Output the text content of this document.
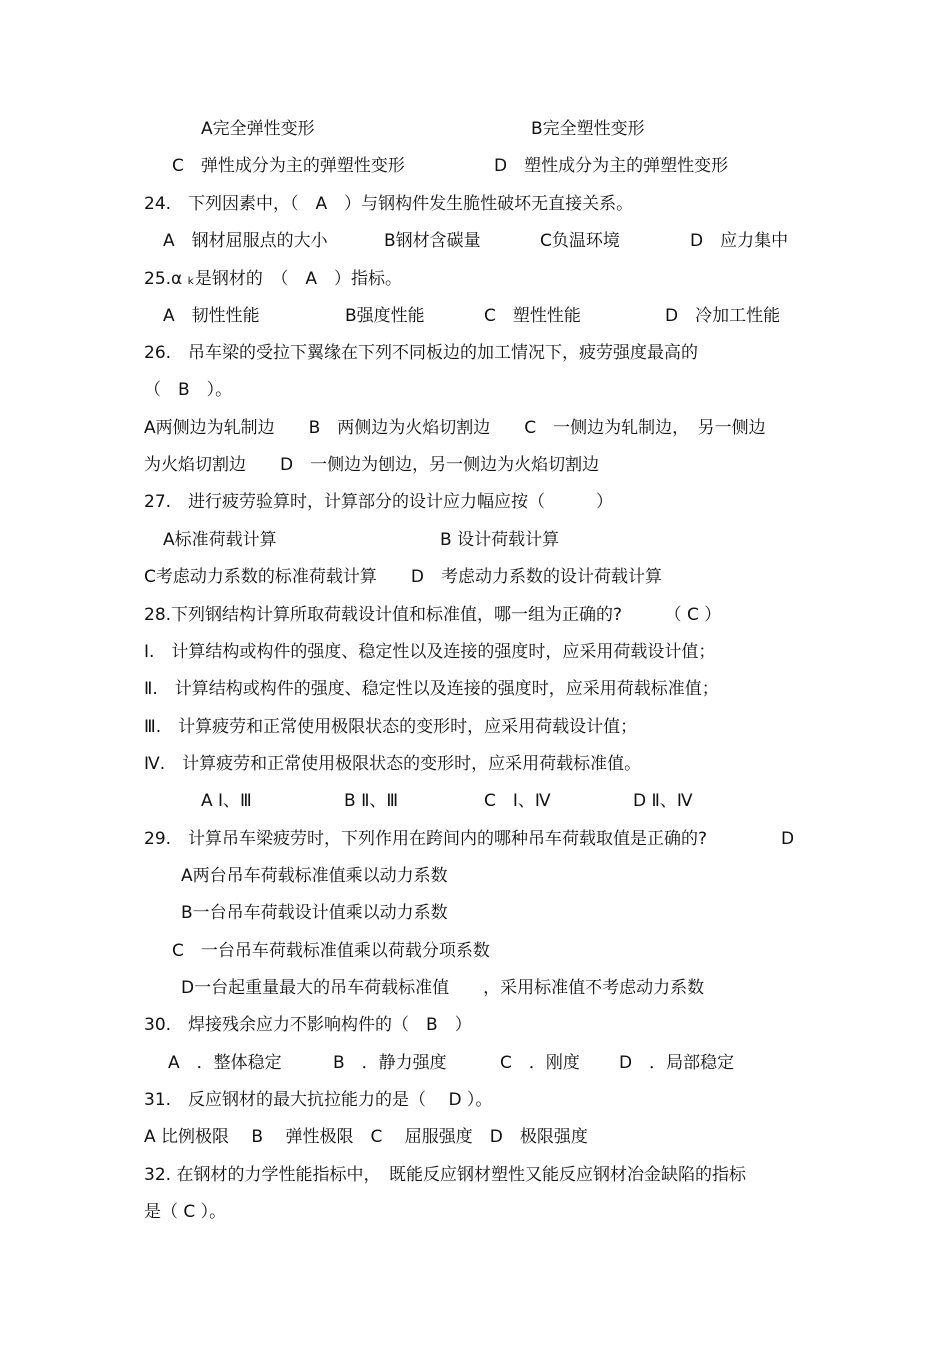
A完全弹性变形	B完全塑性变形
C　弹性成分为主的弹塑性变形	D　塑性成分为主的弹塑性变形
24.　下列因素中，（　A　）与钢构件发生脆性破坏无直接关系。
A　钢材屈服点的大小	B钢材含碳量	C负温环境	D　应力集中
25.α ₖ是钢材的　（　A　）指标。
A　韧性性能	B强度性能	C　塑性性能	D　冷加工性能
26.　吊车梁的受拉下翼缘在下列不同板边的加工情况下，疲劳强度最高的
（　B　）。
A两侧边为轧制边　　B　两侧边为火焰切割边　　C　一侧边为轧制边，　另一侧边
为火焰切割边　　D　一侧边为刨边，另一侧边为火焰切割边
27.　进行疲劳验算时，计算部分的设计应力幅应按（　　　）
A标准荷载计算	B 设计荷载计算
C考虑动力系数的标准荷载计算　　D　考虑动力系数的设计荷载计算
28.下列钢结构计算所取荷载设计值和标准值，哪一组为正确的?　　　（ C ）
Ⅰ.　计算结构或构件的强度、稳定性以及连接的强度时，应采用荷载设计值；
Ⅱ.　计算结构或构件的强度、稳定性以及连接的强度时，应采用荷载标准值；
Ⅲ.　计算疲劳和正常使用极限状态的变形时，应采用荷载设计值；
Ⅳ.　计算疲劳和正常使用极限状态的变形时，应采用荷载标准值。
A Ⅰ、Ⅲ	B Ⅱ、Ⅲ	C　Ⅰ、Ⅳ	D Ⅱ、Ⅳ
29.　计算吊车梁疲劳时，下列作用在跨间内的哪种吊车荷载取值是正确的?	D
A两台吊车荷载标准值乘以动力系数
B一台吊车荷载设计值乘以动力系数
C　一台吊车荷载标准值乘以荷载分项系数
D一台起重量最大的吊车荷载标准值　　，采用标准值不考虑动力系数
30.　焊接残余应力不影响构件的（　B　）
A　．整体稳定	B　．静力强度	C　．刚度 D　．局部稳定
31.　反应钢材的最大抗拉能力的是（　 D ）。
A 比例极限　 B　 弹性极限　C　 屈服强度　D　极限强度
32. 在钢材的力学性能指标中，　既能反应钢材塑性又能反应钢材冶金缺陷的指标
是（ C ）。
